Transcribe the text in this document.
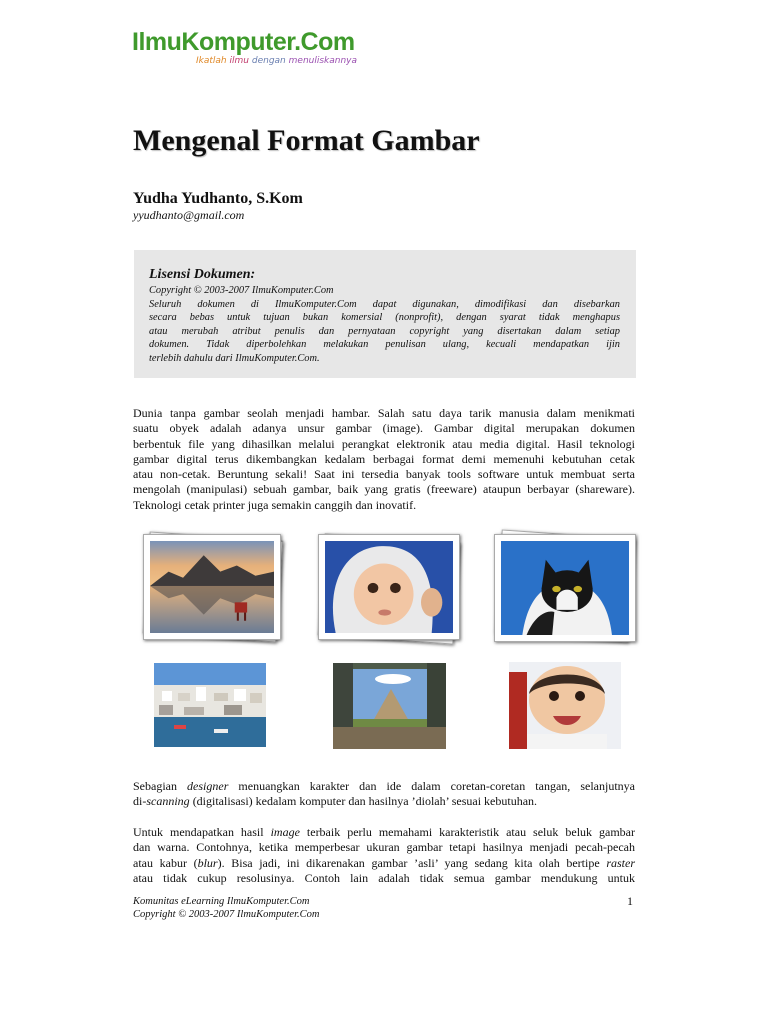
IlmuKomputer.Com
Ikatlah ilmu dengan menuliskannya
Mengenal Format Gambar
Yudha Yudhanto, S.Kom
yyudhanto@gmail.com
Lisensi Dokumen:
Copyright © 2003-2007 IlmuKomputer.Com
Seluruh dokumen di IlmuKomputer.Com dapat digunakan, dimodifikasi dan disebarkan
secara bebas untuk tujuan bukan komersial (nonprofit), dengan syarat tidak menghapus
atau merubah atribut penulis dan pernyataan copyright yang disertakan dalam setiap
dokumen. Tidak diperbolehkan melakukan penulisan ulang, kecuali mendapatkan ijin
terlebih dahulu dari IlmuKomputer.Com.
Dunia tanpa gambar seolah menjadi hambar. Salah satu daya tarik manusia dalam menikmati
suatu obyek adalah adanya unsur gambar (image). Gambar digital merupakan dokumen
berbentuk file yang dihasilkan melalui perangkat elektronik atau media digital. Hasil teknologi
gambar digital terus dikembangkan kedalam berbagai format demi memenuhi kebutuhan cetak
atau non-cetak. Beruntung sekali! Saat ini tersedia banyak tools software untuk membuat serta
mengolah (manipulasi) sebuah gambar, baik yang gratis (freeware) ataupun berbayar (shareware).
Teknologi cetak printer juga semakin canggih dan inovatif.
Sebagian designer menuangkan karakter dan ide dalam coretan-coretan tangan, selanjutnya
di-scanning (digitalisasi) kedalam komputer dan hasilnya ’diolah’ sesuai kebutuhan.
Untuk mendapatkan hasil image terbaik perlu memahami karakteristik atau seluk beluk gambar
dan warna. Contohnya, ketika memperbesar ukuran gambar tetapi hasilnya menjadi pecah-pecah
atau kabur (blur). Bisa jadi, ini dikarenakan gambar ’asli’ yang sedang kita olah bertipe raster
atau tidak cukup resolusinya. Contoh lain adalah tidak semua gambar mendukung untuk
Komunitas eLearning IlmuKomputer.Com
Copyright © 2003-2007 IlmuKomputer.Com
1
